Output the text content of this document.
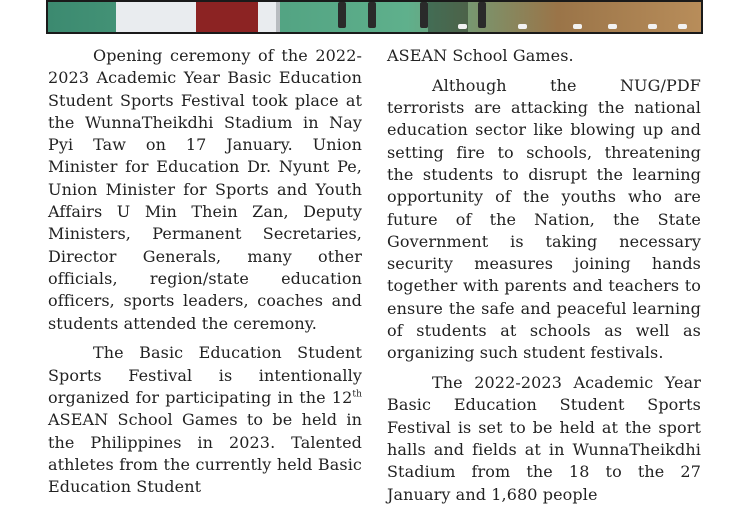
Opening ceremony of the 2022-2023 Academic Year Basic Education Student Sports Festival took place at the WunnaTheikdhi Stadium in Nay Pyi Taw on 17 January. Union Minister for Education Dr. Nyunt Pe, Union Minister for Sports and Youth Affairs U Min Thein Zan, Deputy Ministers, Permanent Secretaries, Director Generals, many other officials, region/state education officers, sports leaders, coaches and students attended the ceremony.

The Basic Education Student Sports Festival is intentionally organized for participating in the 12th ASEAN School Games to be held in the Philippines in 2023. Talented athletes from the currently held Basic Education Student

ASEAN School Games.

Although the NUG/PDF terrorists are attacking the national education sector like blowing up and setting fire to schools, threatening the students to disrupt the learning opportunity of the youths who are future of the Nation, the State Government is taking necessary security measures joining hands together with parents and teachers to ensure the safe and peaceful learning of students at schools as well as organizing such student festivals.

The 2022-2023 Academic Year Basic Education Student Sports Festival is set to be held at the sport halls and fields at in WunnaTheikdhi Stadium from the 18 to the 27 January and 1,680 people
